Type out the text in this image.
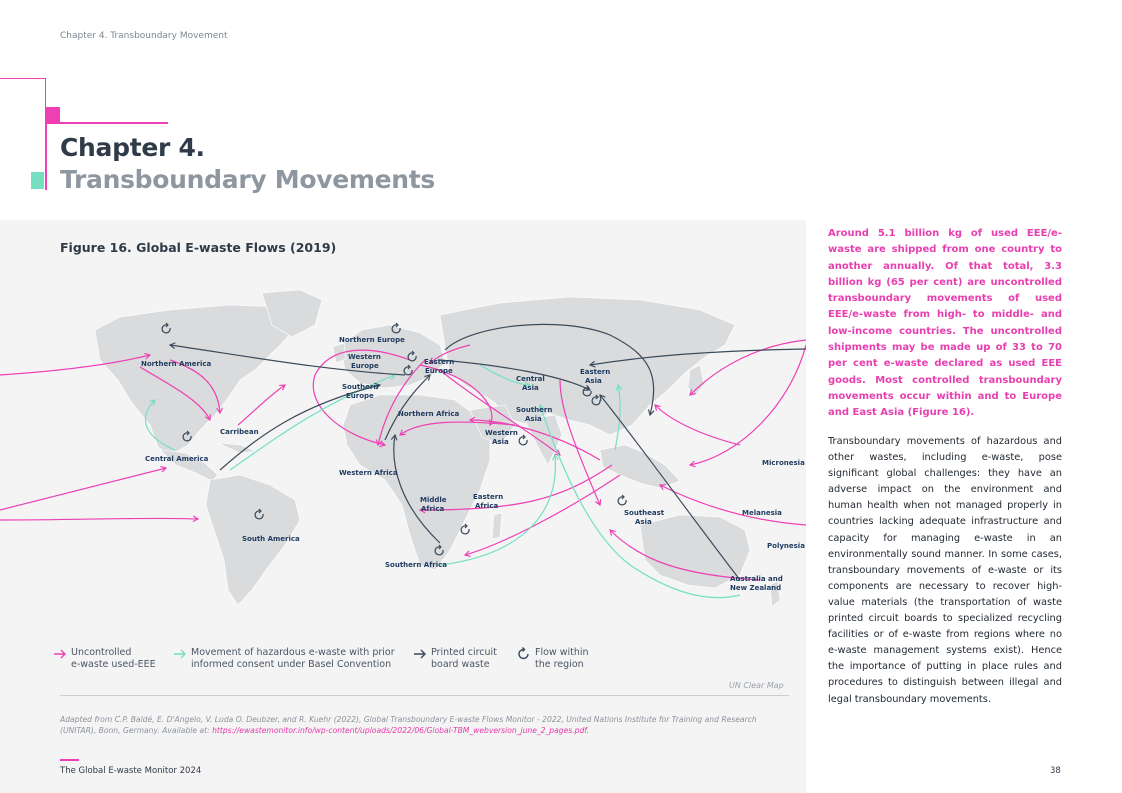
Chapter 4. Transboundary Movement
Chapter 4.
Transboundary Movements
Figure 16. Global E-waste Flows (2019)
Northern America
Central America
Carribean
South America
Northern Europe
Western
Europe
Southern
Europe
Eastern
Europe
Northern Africa
Western Africa
Middle
Africa
Eastern
Africa
Southern Africa
Central
Asia
Southern
Asia
Western
Asia
Eastern
Asia
Southeast
Asia
Micronesia
Melanesia
Polynesia
Australia and
New Zealand
Uncontrolled
e-waste used-EEE
Movement of hazardous e-waste with prior
informed consent under Basel Convention
Printed circuit
board waste
Flow within
the region
UN Clear Map
Adapted from C.P. Baldé, E. D'Angelo, V. Luda O. Deubzer, and R. Kuehr (2022), Global Transboundary E-waste Flows Monitor - 2022, United Nations Institute for Training and Research (UNITAR), Bonn, Germany. Available at: https://ewastemonitor.info/wp-content/uploads/2022/06/Global-TBM_webversion_june_2_pages.pdf.
Around 5.1 billion kg of used EEE/e-waste are shipped from one country to another annually. Of that total, 3.3 billion kg (65 per cent) are uncontrolled transboundary movements of used EEE/e-waste from high- to middle- and low-income countries. The uncontrolled shipments may be made up of 33 to 70 per cent e-waste declared as used EEE goods. Most controlled transboundary movements occur within and to Europe and East Asia (Figure 16).
Transboundary movements of hazardous and other wastes, including e-waste, pose significant global challenges: they have an adverse impact on the environment and human health when not managed properly in countries lacking adequate infrastructure and capacity for managing e-waste in an environmentally sound manner. In some cases, transboundary movements of e-waste or its components are necessary to recover high-value materials (the transportation of waste printed circuit boards to specialized recycling facilities or of e-waste from regions where no e-waste management systems exist). Hence the importance of putting in place rules and procedures to distinguish between illegal and legal transboundary movements.
The Global E-waste Monitor 2024	38
